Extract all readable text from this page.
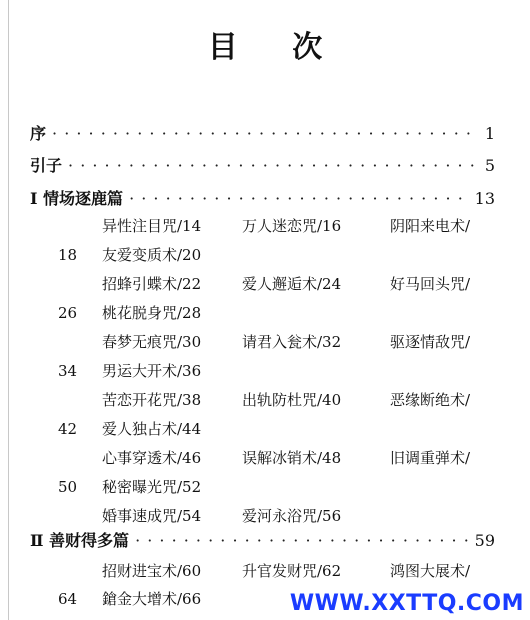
目 次
序 · · ·	1
引子 · · ·	5
I 情场逐鹿篇 · · ·	13
异性注目咒/14	万人迷恋咒/16	阴阳来电术/
18 友爱变质术/20
招蜂引蝶术/22	爱人邂逅术/24	好马回头咒/
26 桃花脱身咒/28
春梦无痕咒/30	请君入瓮术/32	驱逐情敌咒/
34 男运大开术/36
苦恋开花咒/38	出轨防杜咒/40	恶缘断绝术/
42 爱人独占术/44
心事穿透术/46	误解冰销术/48	旧调重弹术/
50 秘密曝光咒/52
婚事速成咒/54	爱河永浴咒/56
Ⅱ 善财得多篇 · · ·	59
招财进宝术/60	升官发财咒/62	鸿图大展术/
64 鎗金大增术/66	WWW.XXTTQ.COM
